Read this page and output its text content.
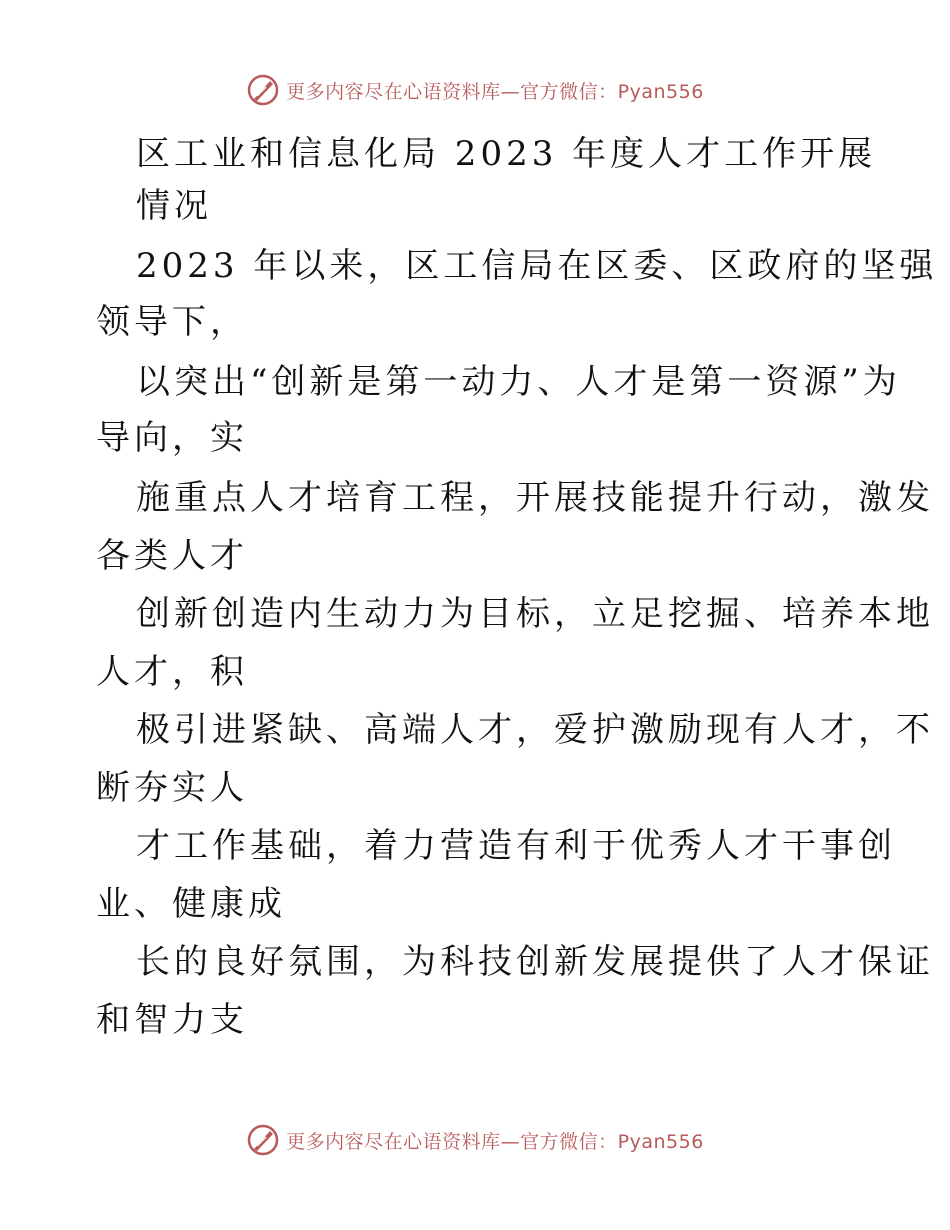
更多内容尽在心语资料库—官方微信：Pyan556
区工业和信息化局 2023 年度人才工作开展
情况
2023 年以来，区工信局在区委、区政府的坚强
领导下，
以突出“创新是第一动力、人才是第一资源”为
导向，实
施重点人才培育工程，开展技能提升行动，激发
各类人才
创新创造内生动力为目标，立足挖掘、培养本地
人才，积
极引进紧缺、高端人才，爱护激励现有人才，不
断夯实人
才工作基础，着力营造有利于优秀人才干事创
业、健康成
长的良好氛围，为科技创新发展提供了人才保证
和智力支
更多内容尽在心语资料库—官方微信：Pyan556
